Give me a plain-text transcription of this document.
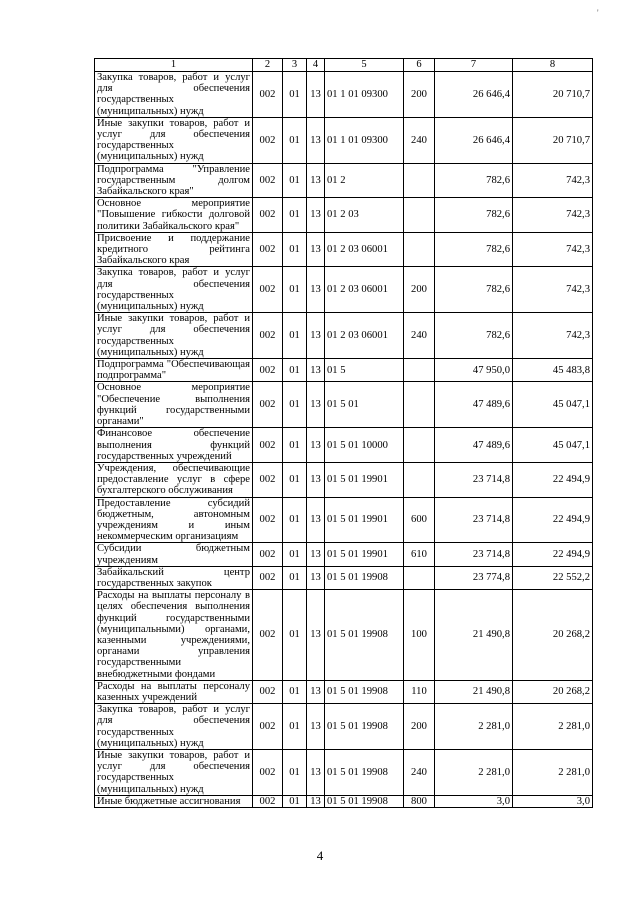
'
1	2	3	4	5	6	7	8
Закупка товаров, работ и услуг для обеспечения государственных (муниципальных) нужд	002	01	13	01 1 01 09300	200	26 646,4	20 710,7
Иные закупки товаров, работ и услуг для обеспечения государственных (муниципальных) нужд	002	01	13	01 1 01 09300	240	26 646,4	20 710,7
Подпрограмма "Управление государственным долгом Забайкальского края"	002	01	13	01 2		782,6	742,3
Основное мероприятие "Повышение гибкости долговой политики Забайкальского края"	002	01	13	01 2 03		782,6	742,3
Присвоение и поддержание кредитного рейтинга Забайкальского края	002	01	13	01 2 03 06001		782,6	742,3
Закупка товаров, работ и услуг для обеспечения государственных (муниципальных) нужд	002	01	13	01 2 03 06001	200	782,6	742,3
Иные закупки товаров, работ и услуг для обеспечения государственных (муниципальных) нужд	002	01	13	01 2 03 06001	240	782,6	742,3
Подпрограмма "Обеспечивающая подпрограмма"	002	01	13	01 5		47 950,0	45 483,8
Основное мероприятие "Обеспечение выполнения функций государственными органами"	002	01	13	01 5 01		47 489,6	45 047,1
Финансовое обеспечение выполнения функций государственных учреждений	002	01	13	01 5 01 10000		47 489,6	45 047,1
Учреждения, обеспечивающие предоставление услуг в сфере бухгалтерского обслуживания	002	01	13	01 5 01 19901		23 714,8	22 494,9
Предоставление субсидий бюджетным, автономным учреждениям и иным некоммерческим организациям	002	01	13	01 5 01 19901	600	23 714,8	22 494,9
Субсидии бюджетным учреждениям	002	01	13	01 5 01 19901	610	23 714,8	22 494,9
Забайкальский центр государственных закупок	002	01	13	01 5 01 19908		23 774,8	22 552,2
Расходы на выплаты персоналу в целях обеспечения выполнения функций государственными (муниципальными) органами, казенными учреждениями, органами управления государственными внебюджетными фондами	002	01	13	01 5 01 19908	100	21 490,8	20 268,2
Расходы на выплаты персоналу казенных учреждений	002	01	13	01 5 01 19908	110	21 490,8	20 268,2
Закупка товаров, работ и услуг для обеспечения государственных (муниципальных) нужд	002	01	13	01 5 01 19908	200	2 281,0	2 281,0
Иные закупки товаров, работ и услуг для обеспечения государственных (муниципальных) нужд	002	01	13	01 5 01 19908	240	2 281,0	2 281,0
Иные бюджетные ассигнования	002	01	13	01 5 01 19908	800	3,0	3,0
4
